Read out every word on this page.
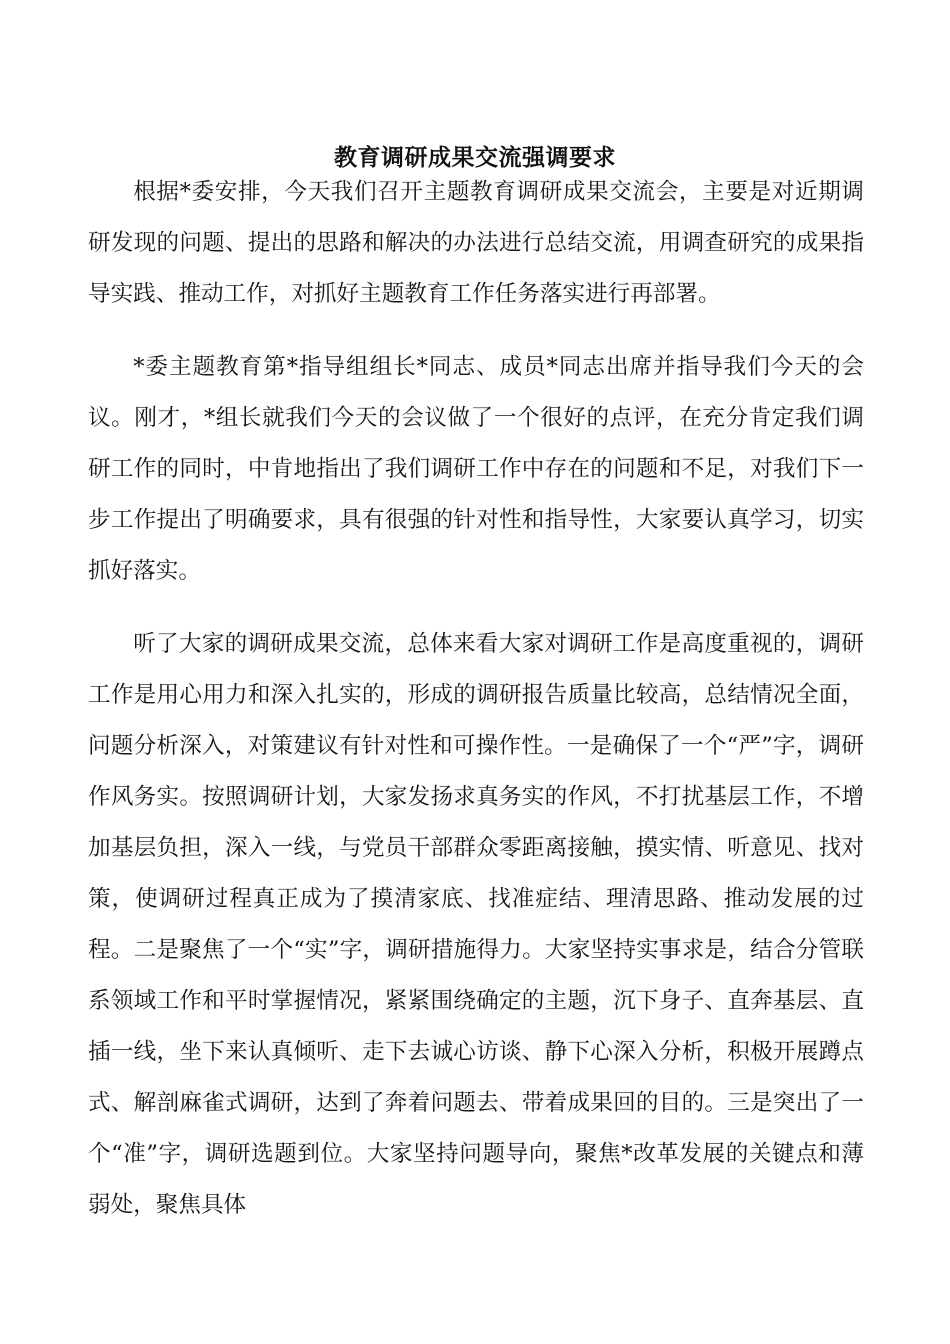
教育调研成果交流强调要求

根据*委安排，今天我们召开主题教育调研成果交流会，主要是对近期调研发现的问题、提出的思路和解决的办法进行总结交流，用调查研究的成果指导实践、推动工作，对抓好主题教育工作任务落实进行再部署。

*委主题教育第*指导组组长*同志、成员*同志出席并指导我们今天的会议。刚才，*组长就我们今天的会议做了一个很好的点评，在充分肯定我们调研工作的同时，中肯地指出了我们调研工作中存在的问题和不足，对我们下一步工作提出了明确要求，具有很强的针对性和指导性，大家要认真学习，切实抓好落实。

听了大家的调研成果交流，总体来看大家对调研工作是高度重视的，调研工作是用心用力和深入扎实的，形成的调研报告质量比较高，总结情况全面，问题分析深入，对策建议有针对性和可操作性。一是确保了一个“严”字，调研作风务实。按照调研计划，大家发扬求真务实的作风，不打扰基层工作，不增加基层负担，深入一线，与党员干部群众零距离接触，摸实情、听意见、找对策，使调研过程真正成为了摸清家底、找准症结、理清思路、推动发展的过程。二是聚焦了一个“实”字，调研措施得力。大家坚持实事求是，结合分管联系领域工作和平时掌握情况，紧紧围绕确定的主题，沉下身子、直奔基层、直插一线，坐下来认真倾听、走下去诚心访谈、静下心深入分析，积极开展蹲点式、解剖麻雀式调研，达到了奔着问题去、带着成果回的目的。三是突出了一个“准”字，调研选题到位。大家坚持问题导向，聚焦*改革发展的关键点和薄弱处，聚焦具体
